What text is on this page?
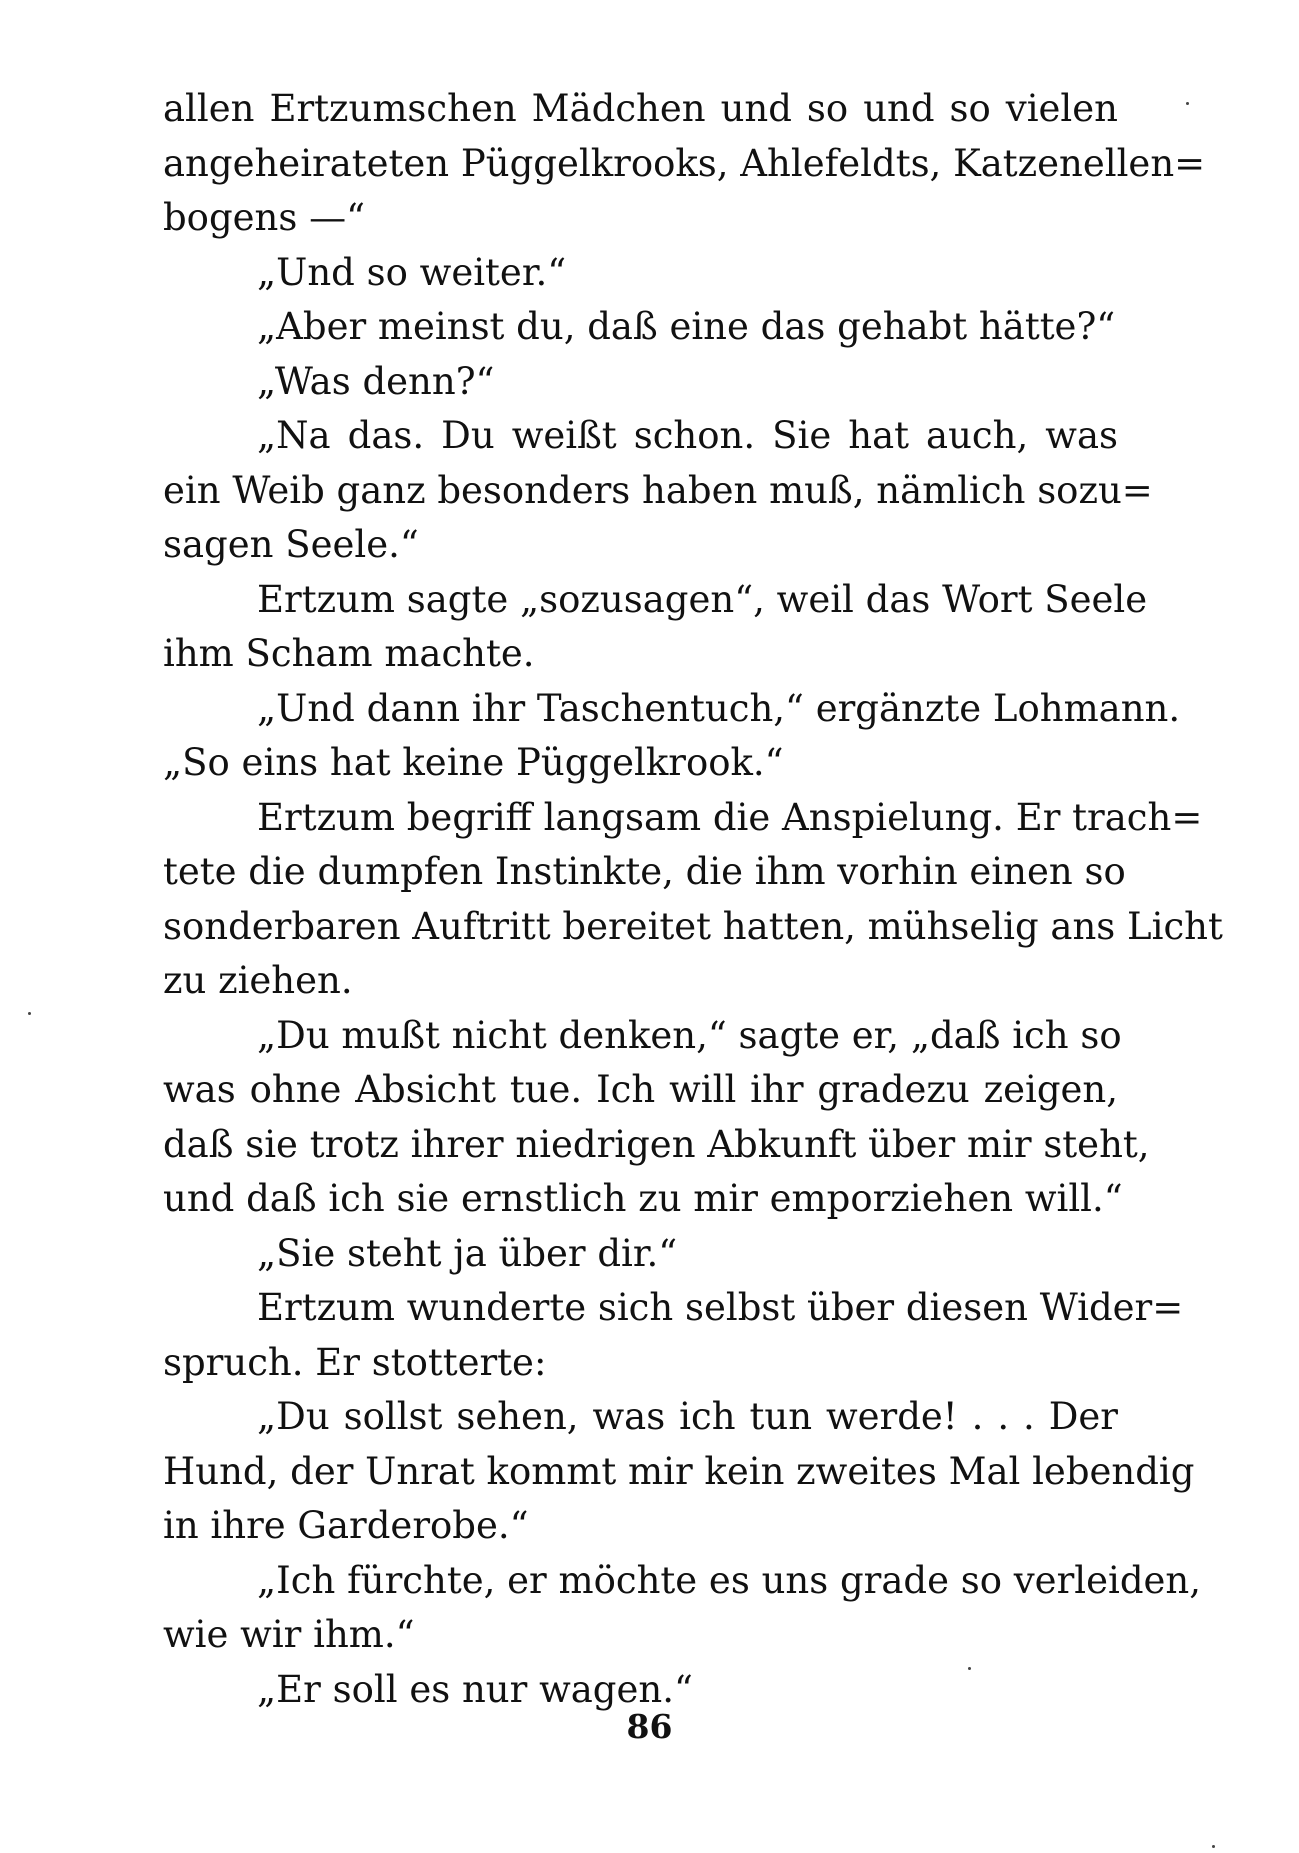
allen Ertzumschen Mädchen und so und so vielen
angeheirateten Püggelkrooks, Ahlefeldts, Katzenellen=
bogens —“
„Und so weiter.“
„Aber meinst du, daß eine das gehabt hätte?“
„Was denn?“
„Na das. Du weißt schon. Sie hat auch, was
ein Weib ganz besonders haben muß, nämlich sozu=
sagen Seele.“
Ertzum sagte „sozusagen“, weil das Wort Seele
ihm Scham machte.
„Und dann ihr Taschentuch,“ ergänzte Lohmann.
„So eins hat keine Püggelkrook.“
Ertzum begriff langsam die Anspielung. Er trach=
tete die dumpfen Instinkte, die ihm vorhin einen so
sonderbaren Auftritt bereitet hatten, mühselig ans Licht
zu ziehen.
„Du mußt nicht denken,“ sagte er, „daß ich so
was ohne Absicht tue. Ich will ihr gradezu zeigen,
daß sie trotz ihrer niedrigen Abkunft über mir steht,
und daß ich sie ernstlich zu mir emporziehen will.“
„Sie steht ja über dir.“
Ertzum wunderte sich selbst über diesen Wider=
spruch. Er stotterte:
„Du sollst sehen, was ich tun werde! . . . Der
Hund, der Unrat kommt mir kein zweites Mal lebendig
in ihre Garderobe.“
„Ich fürchte, er möchte es uns grade so verleiden,
wie wir ihm.“
„Er soll es nur wagen.“
86
